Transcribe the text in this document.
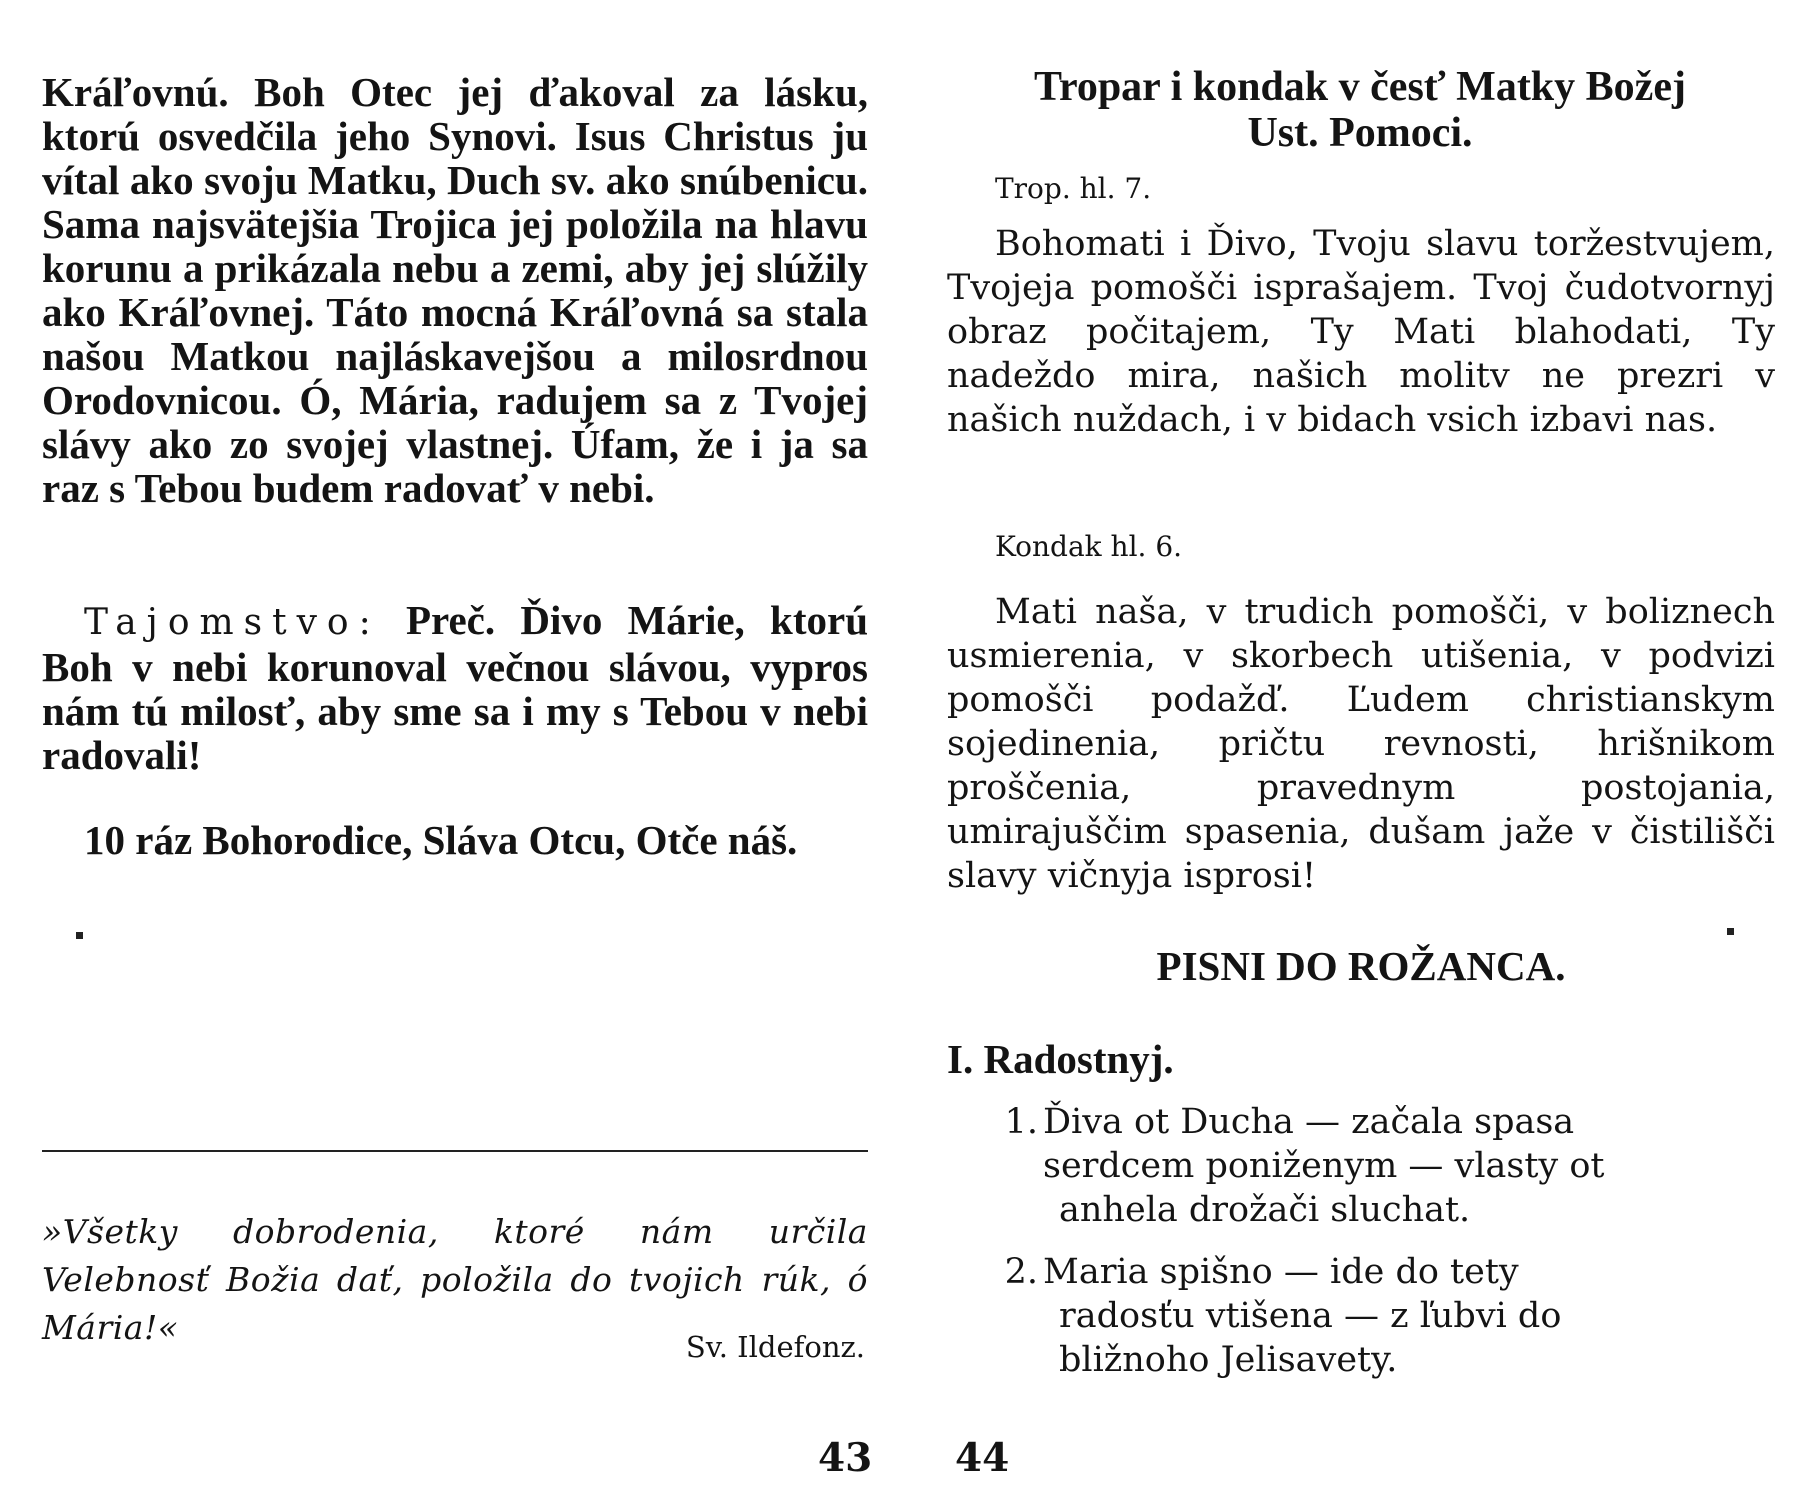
Kráľovnú. Boh Otec jej ďakoval za lásku, ktorú osvedčila jeho Synovi. Isus Christus ju vítal ako svoju Matku, Duch sv. ako snúbenicu. Sama najsvätejšia Trojica jej položila na hlavu korunu a prikázala nebu a zemi, aby jej slúžily ako Kráľovnej. Táto mocná Kráľovná sa stala našou Matkou najláskavejšou a milosrdnou Orodovnicou. Ó, Mária, radujem sa z Tvojej slávy ako zo svojej vlastnej. Úfam, že i ja sa raz s Tebou budem radovať v nebi.

Tajomstvo: Preč. Ďivo Márie, ktorú Boh v nebi korunoval večnou slávou, vypros nám tú milosť, aby sme sa i my s Tebou v nebi radovali!

10 ráz Bohorodice, Sláva Otcu, Otče náš.

»Všetky dobrodenia, ktoré nám určila Velebnosť Božia dať, položila do tvojich rúk, ó Mária!«	Sv. Ildefonz.

43
Tropar i kondak v česť Matky Božej
Ust. Pomoci.

Trop. hl. 7.

Bohomati i Ďivo, Tvoju slavu toržestvujem, Tvojeja pomošči isprašajem. Tvoj čudotvornyj obraz počitajem, Ty Mati blahodati, Ty nadeždo mira, našich molitv ne prezri v našich nuždach, i v bidach vsich izbavi nas.

Kondak hl. 6.

Mati naša, v trudich pomošči, v boliznech usmierenia, v skorbech utišenia, v podvizi pomošči podažď. Ľudem christianskym sojedinenia, prіčtu revnosti, hrišnikom proščenia, pravednym postojania, umirajuščim spasenia, dušam jaže v čistilišči slavy vičnyja isprosi!

PISNI DO ROŽANCA.

I. Radostnyj.

1. Ďiva ot Ducha — začala spasa
serdcem poniženym — vlasty ot
anhela drožači sluchat.
2. Maria spišno — ide do tety
radosťu vtišena — z ľubvi do
bližnoho Jelisavety.
44
